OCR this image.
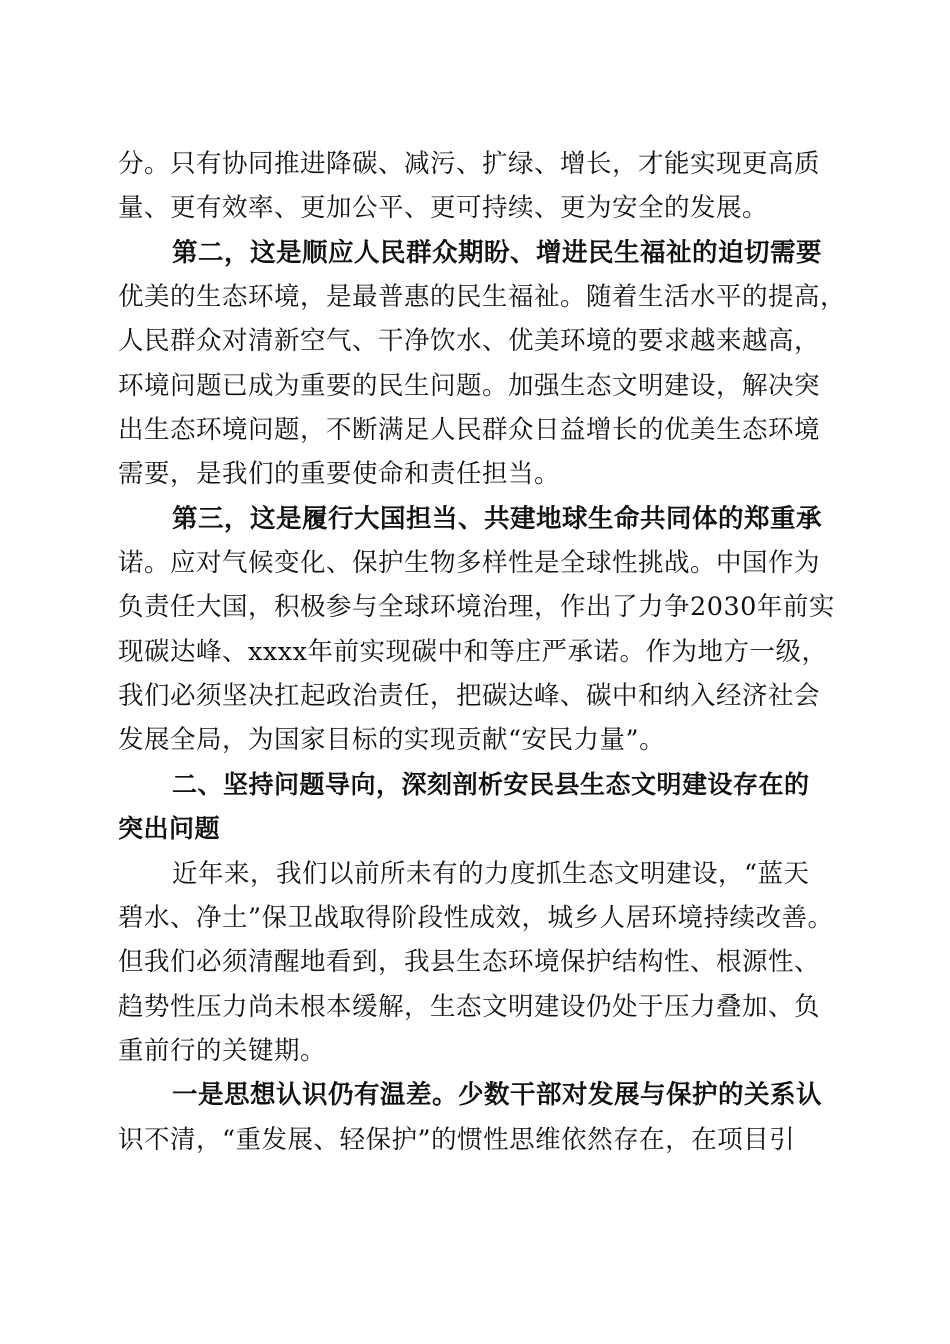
分。只有协同推进降碳、减污、扩绿、增长，才能实现更高质
量、更有效率、更加公平、更可持续、更为安全的发展。
第二，这是顺应人民群众期盼、增进民生福祉的迫切需要
优美的生态环境，是最普惠的民生福祉。随着生活水平的提高，
人民群众对清新空气、干净饮水、优美环境的要求越来越高，
环境问题已成为重要的民生问题。加强生态文明建设，解决突
出生态环境问题，不断满足人民群众日益增长的优美生态环境
需要，是我们的重要使命和责任担当。
第三，这是履行大国担当、共建地球生命共同体的郑重承
诺。应对气候变化、保护生物多样性是全球性挑战。中国作为
负责任大国，积极参与全球环境治理，作出了力争2030年前实
现碳达峰、xxxx年前实现碳中和等庄严承诺。作为地方一级，
我们必须坚决扛起政治责任，把碳达峰、碳中和纳入经济社会
发展全局，为国家目标的实现贡献“安民力量”。
二、坚持问题导向，深刻剖析安民县生态文明建设存在的
突出问题
近年来，我们以前所未有的力度抓生态文明建设，“蓝天
碧水、净土”保卫战取得阶段性成效，城乡人居环境持续改善。
但我们必须清醒地看到，我县生态环境保护结构性、根源性、
趋势性压力尚未根本缓解，生态文明建设仍处于压力叠加、负
重前行的关键期。
一是思想认识仍有温差。少数干部对发展与保护的关系认
识不清，“重发展、轻保护”的惯性思维依然存在，在项目引
